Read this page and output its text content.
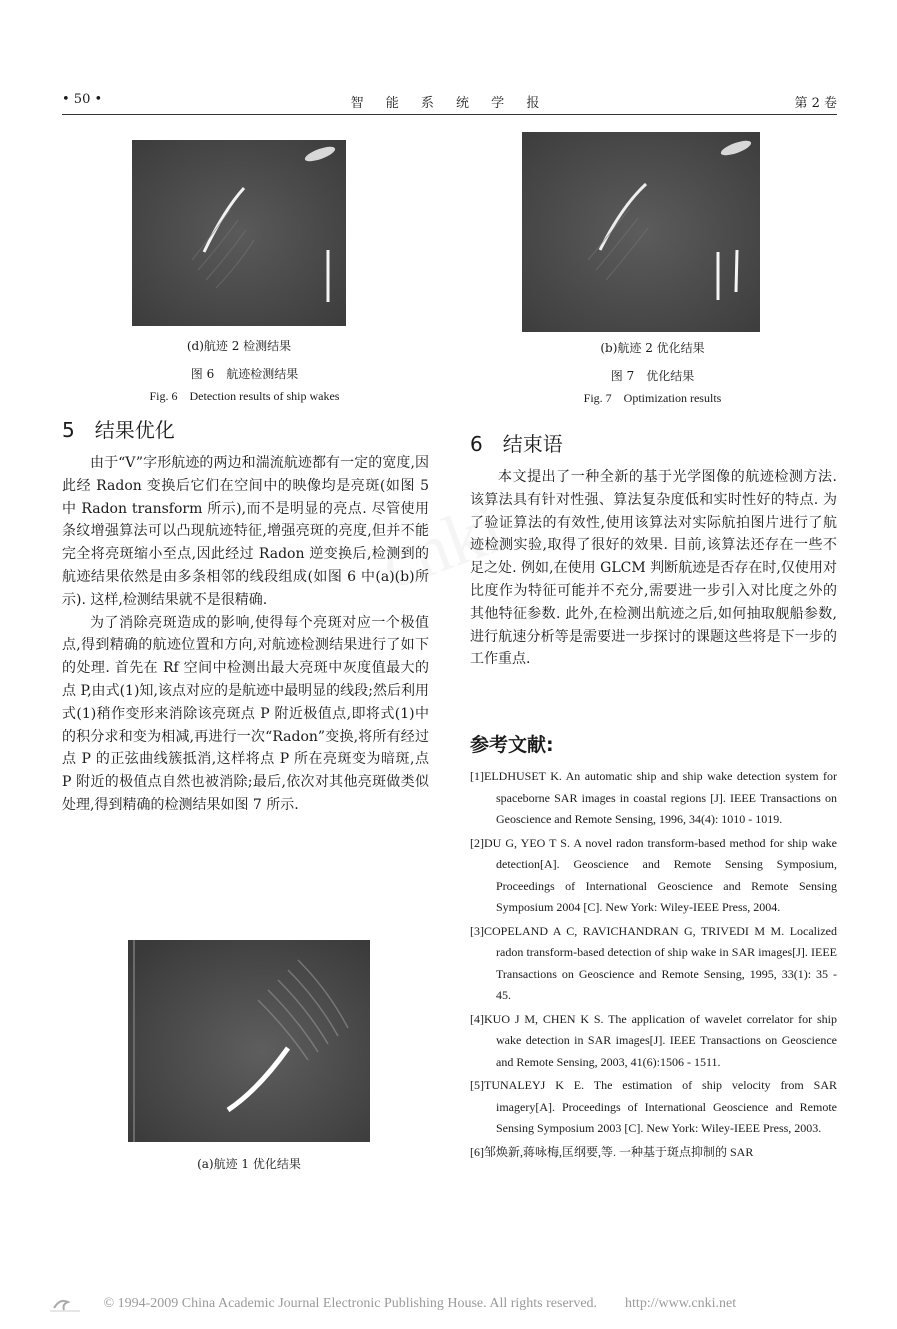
cnki
• 50 •	智 能 系 统 学 报	第 2 卷
(d)航迹 2 检测结果
图 6　航迹检测结果
Fig. 6　Detection results of ship wakes
(b)航迹 2 优化结果
图 7　优化结果
Fig. 7　Optimization results
5　结果优化

由于“V”字形航迹的两边和湍流航迹都有一定的宽度,因此经 Radon 变换后它们在空间中的映像均是亮斑(如图 5 中 Radon transform 所示),而不是明显的亮点. 尽管使用条纹增强算法可以凸现航迹特征,增强亮斑的亮度,但并不能完全将亮斑缩小至点,因此经过 Radon 逆变换后,检测到的航迹结果依然是由多条相邻的线段组成(如图 6 中(a)(b)所示). 这样,检测结果就不是很精确.

为了消除亮斑造成的影响,使得每个亮斑对应一个极值点,得到精确的航迹位置和方向,对航迹检测结果进行了如下的处理. 首先在 Rf 空间中检测出最大亮斑中灰度值最大的点 P,由式(1)知,该点对应的是航迹中最明显的线段;然后利用式(1)稍作变形来消除该亮斑点 P 附近极值点,即将式(1)中的积分求和变为相减,再进行一次“Radon”变换,将所有经过点 P 的正弦曲线簇抵消,这样将点 P 所在亮斑变为暗斑,点 P 附近的极值点自然也被消除;最后,依次对其他亮斑做类似处理,得到精确的检测结果如图 7 所示.

(a)航迹 1 优化结果
6　结束语

本文提出了一种全新的基于光学图像的航迹检测方法. 该算法具有针对性强、算法复杂度低和实时性好的特点. 为了验证算法的有效性,使用该算法对实际航拍图片进行了航迹检测实验,取得了很好的效果. 目前,该算法还存在一些不足之处. 例如,在使用 GLCM 判断航迹是否存在时,仅使用对比度作为特征可能并不充分,需要进一步引入对比度之外的其他特征参数. 此外,在检测出航迹之后,如何抽取舰船参数,进行航速分析等是需要进一步探讨的课题这些将是下一步的工作重点.

参考文献:

[1]ELDHUSET K. An automatic ship and ship wake detection system for spaceborne SAR images in coastal regions [J]. IEEE Transactions on Geoscience and Remote Sensing, 1996, 34(4): 1010 - 1019.

[2]DU G, YEO T S. A novel radon transform-based method for ship wake detection[A]. Geoscience and Remote Sensing Symposium, Proceedings of International Geoscience and Remote Sensing Symposium 2004 [C]. New York: Wiley-IEEE Press, 2004.

[3]COPELAND A C, RAVICHANDRAN G, TRIVEDI M M. Localized radon transform-based detection of ship wake in SAR images[J]. IEEE Transactions on Geoscience and Remote Sensing, 1995, 33(1): 35 - 45.

[4]KUO J M, CHEN K S. The application of wavelet correlator for ship wake detection in SAR images[J]. IEEE Transactions on Geoscience and Remote Sensing, 2003, 41(6):1506 - 1511.

[5]TUNALEYJ K E. The estimation of ship velocity from SAR imagery[A]. Proceedings of International Geoscience and Remote Sensing Symposium 2003 [C]. New York: Wiley-IEEE Press, 2003.

[6]邹焕新,蒋咏梅,匡纲要,等. 一种基于斑点抑制的 SAR

© 1994-2009 China Academic Journal Electronic Publishing House. All rights reserved.　　http://www.cnki.net
